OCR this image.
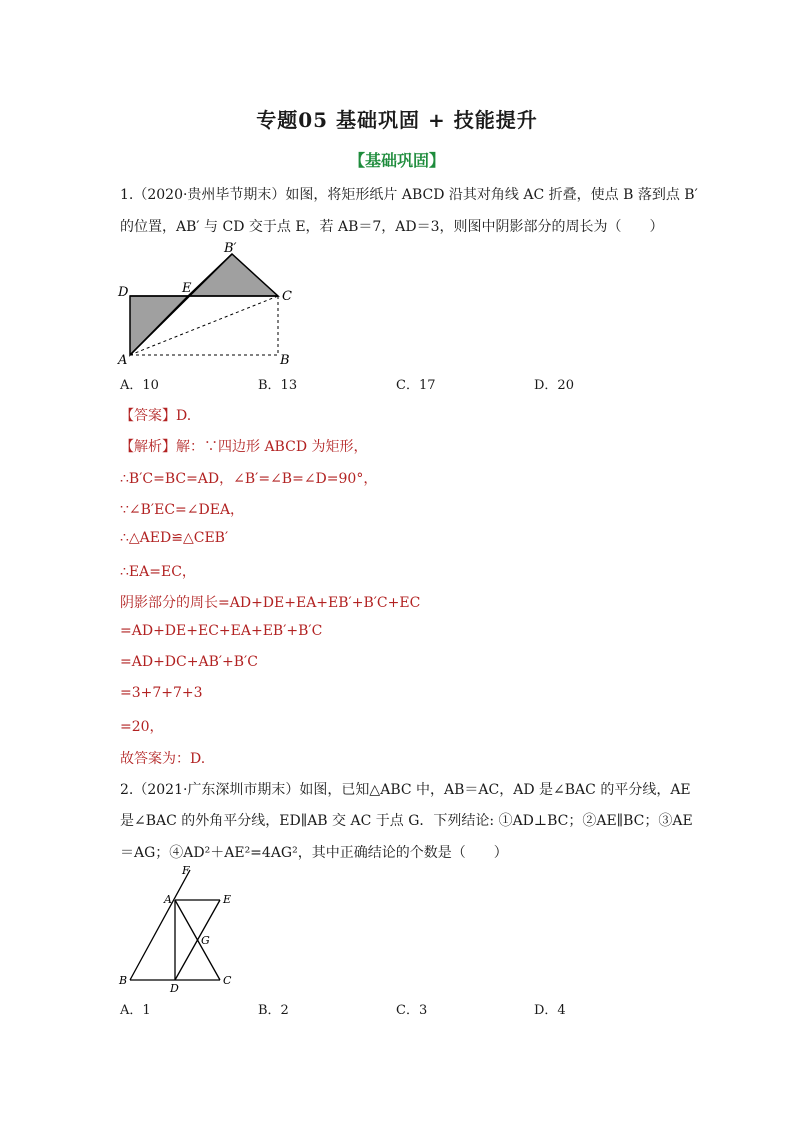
专题05 基础巩固 + 技能提升
【基础巩固】
1.（2020·贵州毕节期末）如图，将矩形纸片 ABCD 沿其对角线 AC 折叠，使点 B 落到点 B′
的位置，AB′ 与 CD 交于点 E，若 AB＝7，AD＝3，则图中阴影部分的周长为（　　）
B′
D	E
C
A	B
A．10	B．13	C．17	D．20
【答案】D.
【解析】解：∵四边形 ABCD 为矩形，
∴B′C=BC=AD，∠B′=∠B=∠D=90°，
∵∠B′EC=∠DEA，
∴△AED≌△CEB′
∴EA=EC，
阴影部分的周长=AD+DE+EA+EB′+B′C+EC
=AD+DE+EC+EA+EB′+B′C
=AD+DC+AB′+B′C
=3+7+7+3
=20，
故答案为：D.
2.（2021·广东深圳市期末）如图，已知△ABC 中，AB＝AC，AD 是∠BAC 的平分线，AE
是∠BAC 的外角平分线，ED∥AB 交 AC 于点 G．下列结论: ①AD⊥BC；②AE∥BC；③AE
＝AG；④AD²＋AE²=4AG²，其中正确结论的个数是（　　）
F
A	E
G
B
D
C
A．1	B．2	C．3	D．4
